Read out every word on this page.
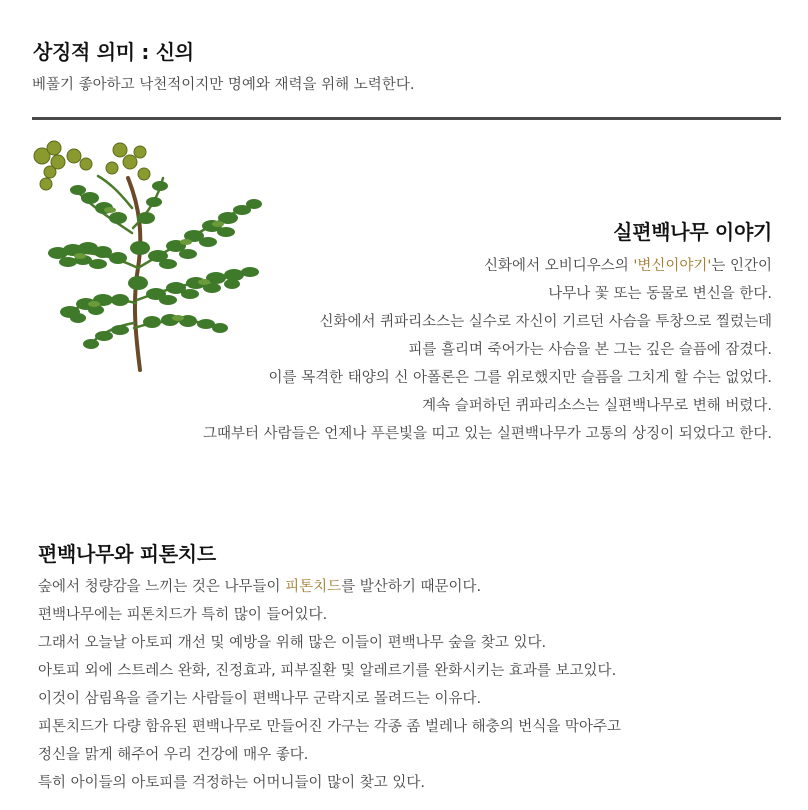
상징적 의미 : 신의
베풀기 좋아하고 낙천적이지만 명예와 재력을 위해 노력한다.
실편백나무 이야기
신화에서 오비디우스의 '변신이야기'는 인간이
나무나 꽃 또는 동물로 변신을 한다.
신화에서 퀴파리소스는 실수로 자신이 기르던 사슴을 투창으로 찔렀는데
피를 흘리며 죽어가는 사슴을 본 그는 깊은 슬픔에 잠겼다.
이를 목격한 태양의 신 아폴론은 그를 위로했지만 슬픔을 그치게 할 수는 없었다.
계속 슬퍼하던 퀴파리소스는 실편백나무로 변해 버렸다.
그때부터 사람들은 언제나 푸른빛을 띠고 있는 실편백나무가 고통의 상징이 되었다고 한다.
편백나무와 피톤치드
숲에서 청량감을 느끼는 것은 나무들이 피톤치드를 발산하기 때문이다.
편백나무에는 피톤치드가 특히 많이 들어있다.
그래서 오늘날 아토피 개선 및 예방을 위해 많은 이들이 편백나무 숲을 찾고 있다.
아토피 외에 스트레스 완화, 진정효과, 피부질환 및 알레르기를 완화시키는 효과를 보고있다.
이것이 삼림욕을 즐기는 사람들이 편백나무 군락지로 몰려드는 이유다.
피톤치드가 다량 함유된 편백나무로 만들어진 가구는 각종 좀 벌레나 해충의 번식을 막아주고
정신을 맑게 해주어 우리 건강에 매우 좋다.
특히 아이들의 아토피를 걱정하는 어머니들이 많이 찾고 있다.
